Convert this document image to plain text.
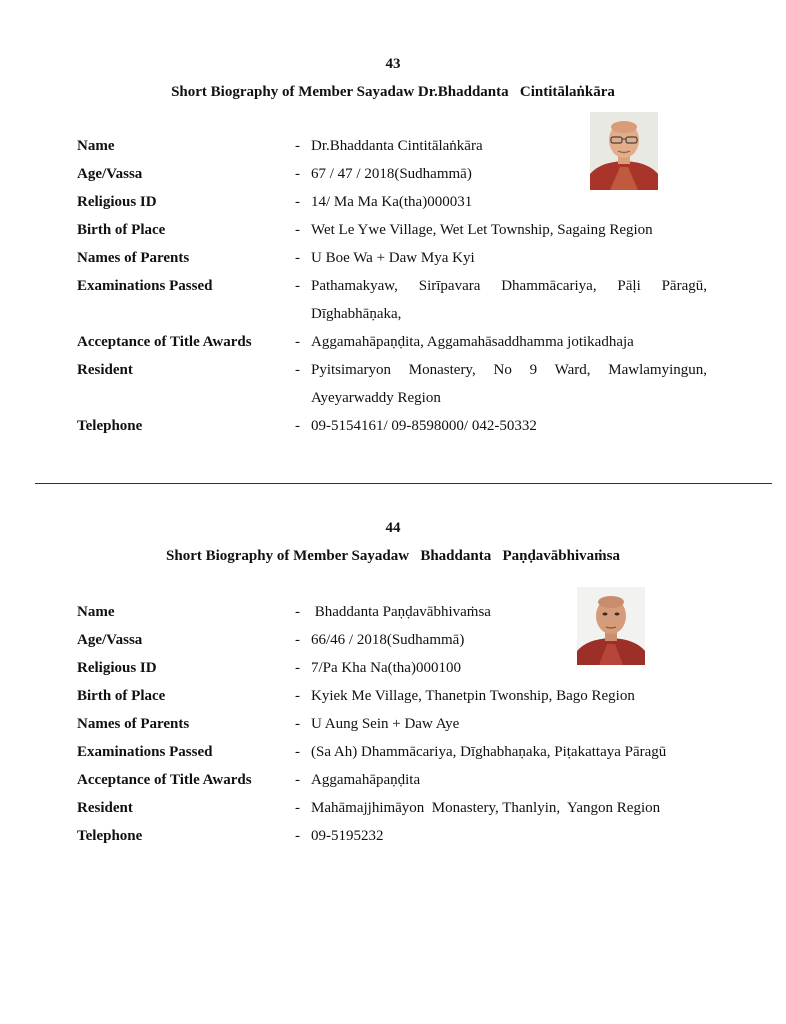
43
Short Biography of Member Sayadaw Dr.Bhaddanta   Cintitālaṅkāra
Name	- Dr.Bhaddanta Cintitālaṅkāra
Age/Vassa	- 67 / 47 / 2018(Sudhammā)
Religious ID	- 14/ Ma Ma Ka(tha)000031
Birth of Place	- Wet Le Ywe Village, Wet Let Township, Sagaing Region
Names of Parents	- U Boe Wa + Daw Mya Kyi
Examinations Passed	- Pathamakyaw, Sirīpavara Dhammācariya, Pāḷi Pāragū, Dīghabhāṇaka,
Acceptance of Title Awards	- Aggamahāpaṇḍita, Aggamahāsaddhamma jotikadhaja
Resident	- Pyitsimaryon Monastery, No 9 Ward, Mawlamyingun, Ayeyarwaddy Region
Telephone	- 09-5154161/ 09-8598000/ 042-50332
44
Short Biography of Member Sayadaw   Bhaddanta   Paṇḍavābhivaṁsa
Name	- Bhaddanta Paṇḍavābhivaṁsa
Age/Vassa	- 66/46 / 2018(Sudhammā)
Religious ID	- 7/Pa Kha Na(tha)000100
Birth of Place	- Kyiek Me Village, Thanetpin Twonship, Bago Region
Names of Parents	- U Aung Sein + Daw Aye
Examinations Passed	- (Sa Ah) Dhammācariya, Dīghabhaṇaka, Piṭakattaya Pāragū
Acceptance of Title Awards	- Aggamahāpaṇḍita
Resident	- Mahāmajjhimāyon  Monastery, Thanlyin,  Yangon Region
Telephone	- 09-5195232
